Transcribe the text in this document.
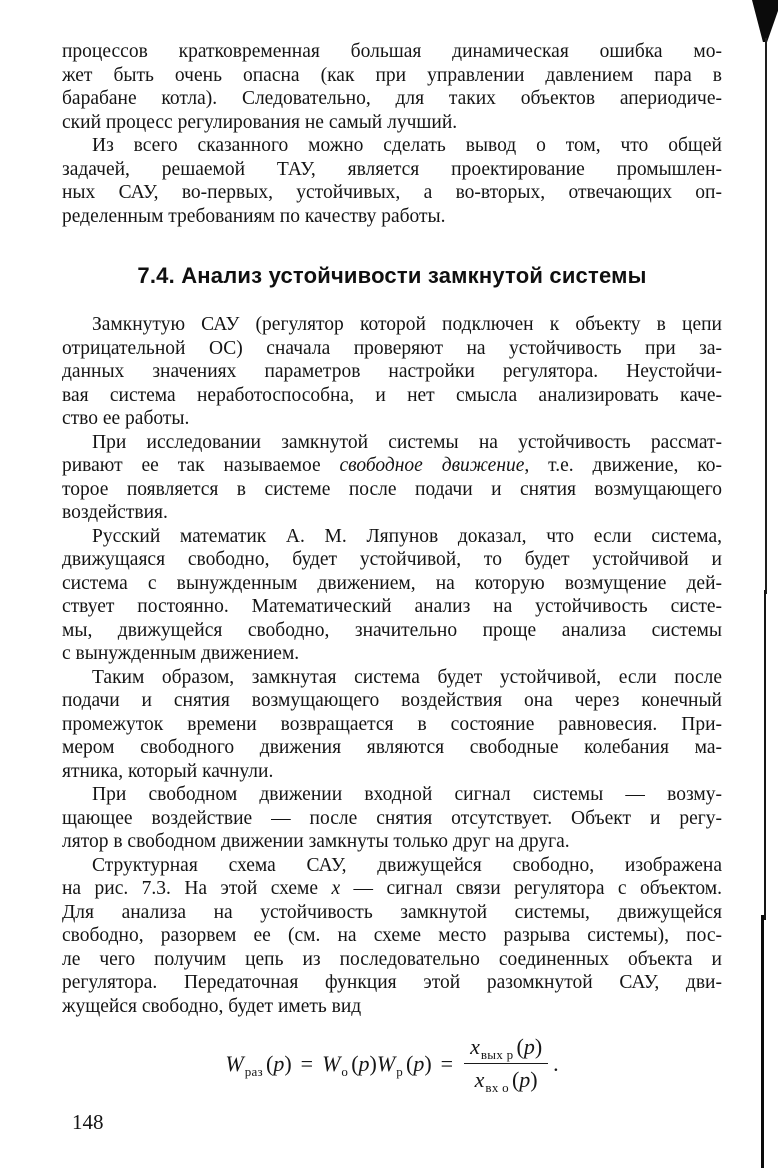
процессов кратковременная большая динамическая ошибка мо-
жет быть очень опасна (как при управлении давлением пара в
барабане котла). Следовательно, для таких объектов апериодиче-
ский процесс регулирования не самый лучший.
Из всего сказанного можно сделать вывод о том, что общей
задачей, решаемой ТАУ, является проектирование промышлен-
ных САУ, во-первых, устойчивых, а во-вторых, отвечающих оп-
ределенным требованиям по качеству работы.
7.4. Анализ устойчивости замкнутой системы
Замкнутую САУ (регулятор которой подключен к объекту в цепи
отрицательной ОС) сначала проверяют на устойчивость при за-
данных значениях параметров настройки регулятора. Неустойчи-
вая система неработоспособна, и нет смысла анализировать каче-
ство ее работы.
При исследовании замкнутой системы на устойчивость рассмат-
ривают ее так называемое свободное движение, т.е. движение, ко-
торое появляется в системе после подачи и снятия возмущающего
воздействия.
Русский математик А. М. Ляпунов доказал, что если система,
движущаяся свободно, будет устойчивой, то будет устойчивой и
система с вынужденным движением, на которую возмущение дей-
ствует постоянно. Математический анализ на устойчивость систе-
мы, движущейся свободно, значительно проще анализа системы
с вынужденным движением.
Таким образом, замкнутая система будет устойчивой, если после
подачи и снятия возмущающего воздействия она через конечный
промежуток времени возвращается в состояние равновесия. При-
мером свободного движения являются свободные колебания ма-
ятника, который качнули.
При свободном движении входной сигнал системы — возму-
щающее воздействие — после снятия отсутствует. Объект и регу-
лятор в свободном движении замкнуты только друг на друга.
Структурная схема САУ, движущейся свободно, изображена
на рис. 7.3. На этой схеме x — сигнал связи регулятора с объектом.
Для анализа на устойчивость замкнутой системы, движущейся
свободно, разорвем ее (см. на схеме место разрыва системы), пос-
ле чего получим цепь из последовательно соединенных объекта и
регулятора. Передаточная функция этой разомкнутой САУ, дви-
жущейся свободно, будет иметь вид
$W_{раз}$ $(p) = W_о$ $(p)W_р$ $(p) = \frac{x_{вых р} (p)}{x_{вх о} (p)}$ .
148
